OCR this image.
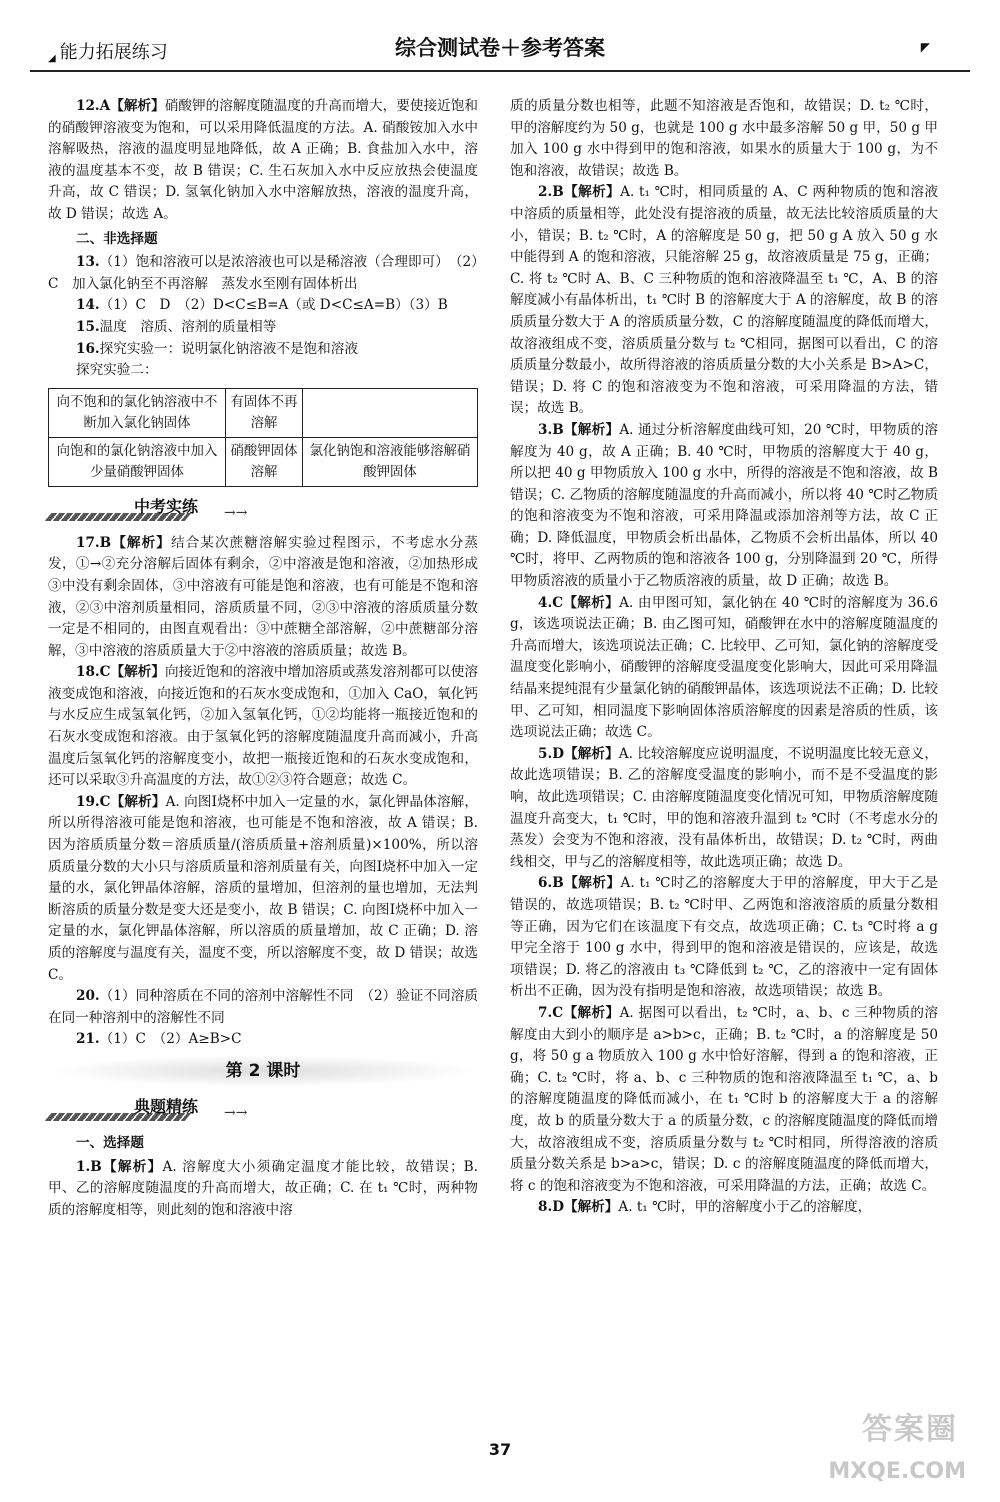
◢ 能力拓展练习	综合测试卷＋参考答案	◤

12.A【解析】硝酸钾的溶解度随温度的升高而增大，要使接近饱和的硝酸钾溶液变为饱和，可以采用降低温度的方法。A. 硝酸铵加入水中溶解吸热，溶液的温度明显地降低，故 A 正确；B. 食盐加入水中，溶液的温度基本不变，故 B 错误；C. 生石灰加入水中反应放热会使温度升高，故 C 错误；D. 氢氧化钠加入水中溶解放热，溶液的温度升高，故 D 错误；故选 A。

二、非选择题

13.（1）饱和溶液可以是浓溶液也可以是稀溶液（合理即可）　（2）C　加入氯化钠至不再溶解　蒸发水至刚有固体析出

14.（1）C　D　（2）D<C≤B=A（或 D<C≤A=B）（3）B

15.温度　溶质、溶剂的质量相等

16.探究实验一：说明氯化钠溶液不是饱和溶液

探究实验二：

向不饱和的氯化钠溶液中不断加入氯化钠固体	有固体不再溶解	
向饱和的氯化钠溶液中加入少量硝酸钾固体	硝酸钾固体溶解	氯化钠饱和溶液能够溶解硝酸钾固体
中考实练 →→

17.B【解析】结合某次蔗糖溶解实验过程图示，不考虑水分蒸发，①→②充分溶解后固体有剩余，②中溶液是饱和溶液，②加热形成③中没有剩余固体，③中溶液有可能是饱和溶液，也有可能是不饱和溶液，②③中溶剂质量相同，溶质质量不同，②③中溶液的溶质质量分数一定是不相同的，由图直观看出：③中蔗糖全部溶解，②中蔗糖部分溶解，③中溶液的溶质质量大于②中溶液的溶质质量；故选 B。

18.C【解析】向接近饱和的溶液中增加溶质或蒸发溶剂都可以使溶液变成饱和溶液，向接近饱和的石灰水变成饱和，①加入 CaO，氧化钙与水反应生成氢氧化钙，②加入氢氧化钙，①②均能将一瓶接近饱和的石灰水变成饱和溶液。由于氢氧化钙的溶解度随温度升高而减小，升高温度后氢氧化钙的溶解度变小，故把一瓶接近饱和的石灰水变成饱和，还可以采取③升高温度的方法，故①②③符合题意；故选 C。

19.C【解析】A. 向图Ⅰ烧杯中加入一定量的水，氯化钾晶体溶解，所以所得溶液可能是饱和溶液，也可能是不饱和溶液，故 A 错误；B. 因为溶质质量分数＝溶质质量/(溶质质量+溶剂质量)×100%，所以溶质质量分数的大小只与溶质质量和溶剂质量有关，向图Ⅰ烧杯中加入一定量的水，氯化钾晶体溶解，溶质的量增加，但溶剂的量也增加，无法判断溶质的质量分数是变大还是变小，故 B 错误；C. 向图Ⅰ烧杯中加入一定量的水，氯化钾晶体溶解，所以溶质的质量增加，故 C 正确；D. 溶质的溶解度与温度有关，温度不变，所以溶解度不变，故 D 错误；故选 C。

20.（1）同种溶质在不同的溶剂中溶解性不同　（2）验证不同溶质在同一种溶剂中的溶解性不同

21.（1）C　（2）A≥B>C

第 2 课时
典题精练 →→

一、选择题

1.B【解析】A. 溶解度大小须确定温度才能比较，故错误；B. 甲、乙的溶解度随温度的升高而增大，故正确；C. 在 t₁ ℃时，两种物质的溶解度相等，则此刻的饱和溶液中溶

质的质量分数也相等，此题不知溶液是否饱和，故错误；D. t₂ ℃时，甲的溶解度约为 50 g，也就是 100 g 水中最多溶解 50 g 甲，50 g 甲加入 100 g 水中得到甲的饱和溶液，如果水的质量大于 100 g，为不饱和溶液，故错误；故选 B。

2.B【解析】A. t₁ ℃时，相同质量的 A、C 两种物质的饱和溶液中溶质的质量相等，此处没有提溶液的质量，故无法比较溶质质量的大小，错误；B. t₂ ℃时，A 的溶解度是 50 g，把 50 g A 放入 50 g 水中能得到 A 的饱和溶液，只能溶解 25 g，故溶液质量是 75 g，正确；C. 将 t₂ ℃时 A、B、C 三种物质的饱和溶液降温至 t₁ ℃，A、B 的溶解度减小有晶体析出，t₁ ℃时 B 的溶解度大于 A 的溶解度，故 B 的溶质质量分数大于 A 的溶质质量分数，C 的溶解度随温度的降低而增大，故溶液组成不变，溶质质量分数与 t₂ ℃相同，据图可以看出，C 的溶质质量分数最小，故所得溶液的溶质质量分数的大小关系是 B>A>C，错误；D. 将 C 的饱和溶液变为不饱和溶液，可采用降温的方法，错误；故选 B。

3.B【解析】A. 通过分析溶解度曲线可知，20 ℃时，甲物质的溶解度为 40 g，故 A 正确；B. 40 ℃时，甲物质的溶解度大于 40 g，所以把 40 g 甲物质放入 100 g 水中，所得的溶液是不饱和溶液，故 B 错误；C. 乙物质的溶解度随温度的升高而减小，所以将 40 ℃时乙物质的饱和溶液变为不饱和溶液，可采用降温或添加溶剂等方法，故 C 正确；D. 降低温度，甲物质会析出晶体，乙物质不会析出晶体，所以 40 ℃时，将甲、乙两物质的饱和溶液各 100 g，分别降温到 20 ℃，所得甲物质溶液的质量小于乙物质溶液的质量，故 D 正确；故选 B。

4.C【解析】A. 由甲图可知，氯化钠在 40 ℃时的溶解度为 36.6 g，该选项说法正确；B. 由乙图可知，硝酸钾在水中的溶解度随温度的升高而增大，该选项说法正确；C. 比较甲、乙可知，氯化钠的溶解度受温度变化影响小，硝酸钾的溶解度受温度变化影响大，因此可采用降温结晶来提纯混有少量氯化钠的硝酸钾晶体，该选项说法不正确；D. 比较甲、乙可知，相同温度下影响固体溶质溶解度的因素是溶质的性质，该选项说法正确；故选 C。

5.D【解析】A. 比较溶解度应说明温度，不说明温度比较无意义，故此选项错误；B. 乙的溶解度受温度的影响小，而不是不受温度的影响，故此选项错误；C. 由溶解度随温度变化情况可知，甲物质溶解度随温度升高变大，t₁ ℃时，甲的饱和溶液升温到 t₂ ℃时（不考虑水分的蒸发）会变为不饱和溶液，没有晶体析出，故错误；D. t₂ ℃时，两曲线相交，甲与乙的溶解度相等，故此选项正确；故选 D。

6.B【解析】A. t₁ ℃时乙的溶解度大于甲的溶解度，甲大于乙是错误的，故选项错误；B. t₂ ℃时甲、乙两饱和溶液溶质的质量分数相等正确，因为它们在该温度下有交点，故选项正确；C. t₃ ℃时将 a g 甲完全溶于 100 g 水中，得到甲的饱和溶液是错误的，应该是，故选项错误；D. 将乙的溶液由 t₃ ℃降低到 t₂ ℃，乙的溶液中一定有固体析出不正确，因为没有指明是饱和溶液，故选项错误；故选 B。

7.C【解析】A. 据图可以看出，t₂ ℃时，a、b、c 三种物质的溶解度由大到小的顺序是 a>b>c，正确；B. t₂ ℃时，a 的溶解度是 50 g，将 50 g a 物质放入 100 g 水中恰好溶解，得到 a 的饱和溶液，正确；C. t₂ ℃时，将 a、b、c 三种物质的饱和溶液降温至 t₁ ℃，a、b 的溶解度随温度的降低而减小，在 t₁ ℃时 b 的溶解度大于 a 的溶解度，故 b 的质量分数大于 a 的质量分数，c 的溶解度随温度的降低而增大，故溶液组成不变，溶质质量分数与 t₂ ℃时相同，所得溶液的溶质质量分数关系是 b>a>c，错误；D. c 的溶解度随温度的降低而增大，将 c 的饱和溶液变为不饱和溶液，可采用降温的方法，正确；故选 C。

8.D【解析】A. t₁ ℃时，甲的溶解度小于乙的溶解度，

37
答案圈
MXQE.COM
